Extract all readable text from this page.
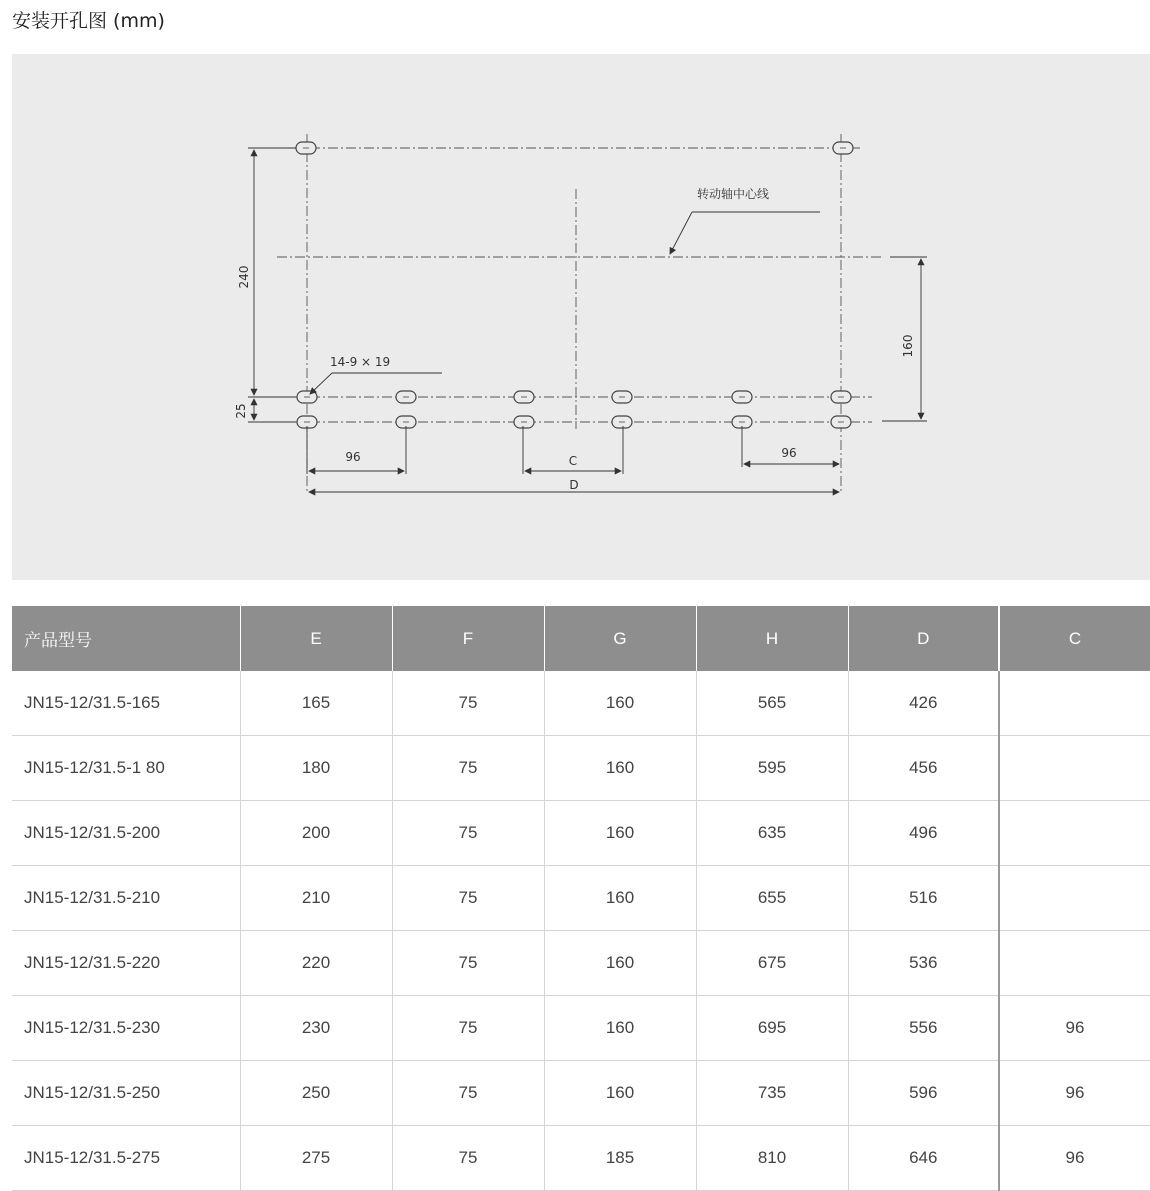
安装开孔图 (mm)
240
25
160
96	C
96
D
转动轴中心线
14-9 × 19
产品型号	E	F	G	H	D	C
JN15-12/31.5-165	165	75	160	565	426	
JN15-12/31.5-1 80	180	75	160	595	456	
JN15-12/31.5-200	200	75	160	635	496	
JN15-12/31.5-210	210	75	160	655	516	
JN15-12/31.5-220	220	75	160	675	536	
JN15-12/31.5-230	230	75	160	695	556	96
JN15-12/31.5-250	250	75	160	735	596	96
JN15-12/31.5-275	275	75	185	810	646	96
